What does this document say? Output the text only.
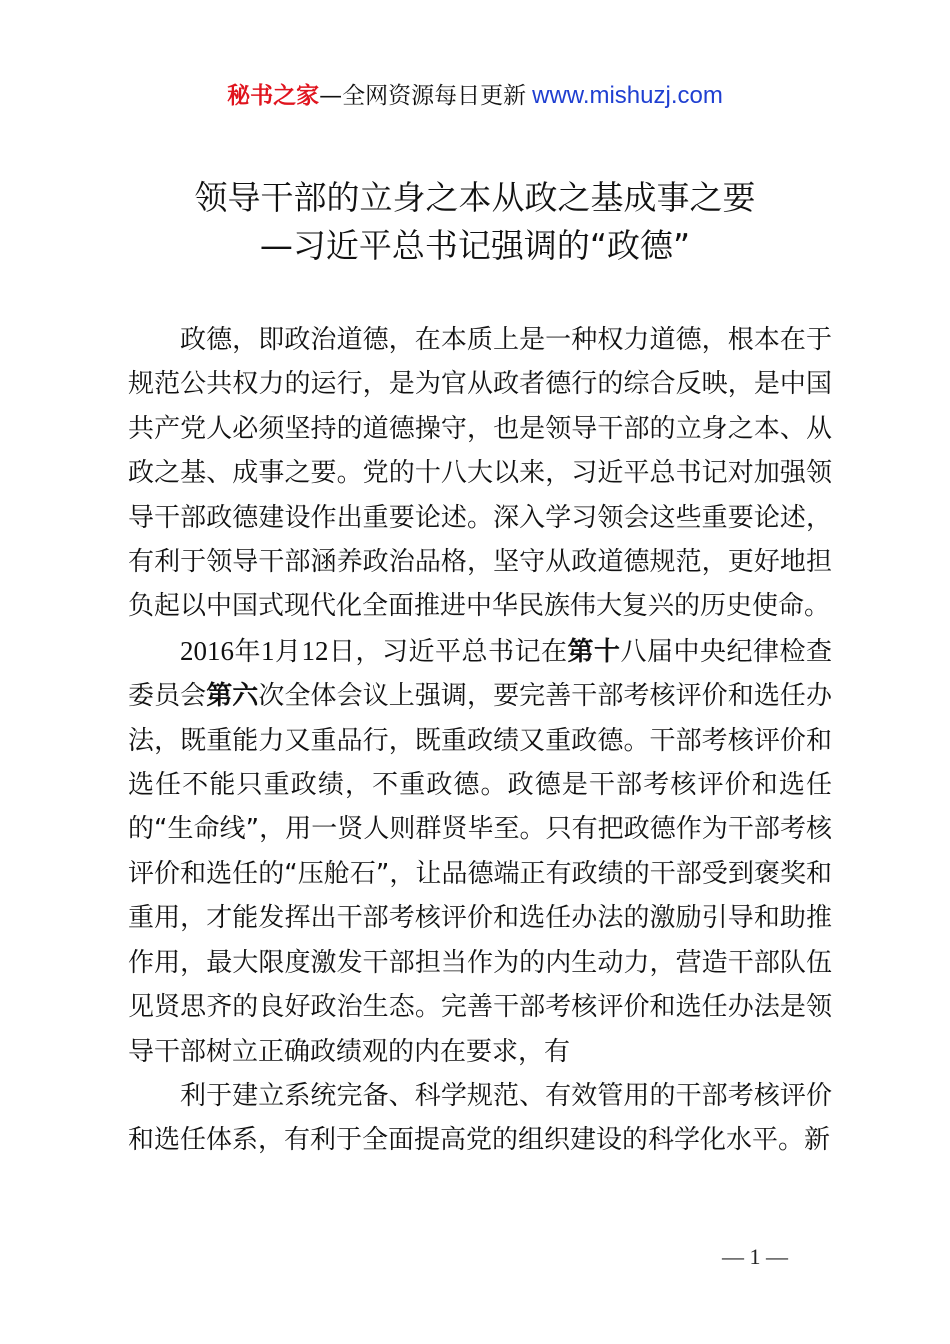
秘书之家—全网资源每日更新 www.mishuzj.com
领导干部的立身之本从政之基成事之要
—习近平总书记强调的“政德”

政德，即政治道德，在本质上是一种权力道德，根本在于规范公共权力的运行，是为官从政者德行的综合反映，是中国共产党人必须坚持的道德操守，也是领导干部的立身之本、从政之基、成事之要。党的十八大以来，习近平总书记对加强领导干部政德建设作出重要论述。深入学习领会这些重要论述，有利于领导干部涵养政治品格，坚守从政道德规范，更好地担负起以中国式现代化全面推进中华民族伟大复兴的历史使命。

2016年1月12日，习近平总书记在第十八届中央纪律检查委员会第六次全体会议上强调，要完善干部考核评价和选任办法，既重能力又重品行，既重政绩又重政德。干部考核评价和选任不能只重政绩，不重政德。政德是干部考核评价和选任的“生命线”，用一贤人则群贤毕至。只有把政德作为干部考核评价和选任的“压舱石”，让品德端正有政绩的干部受到褒奖和重用，才能发挥出干部考核评价和选任办法的激励引导和助推作用，最大限度激发干部担当作为的内生动力，营造干部队伍见贤思齐的良好政治生态。完善干部考核评价和选任办法是领导干部树立正确政绩观的内在要求，有

利于建立系统完备、科学规范、有效管用的干部考核评价和选任体系，有利于全面提高党的组织建设的科学化水平。新

— 1 —
